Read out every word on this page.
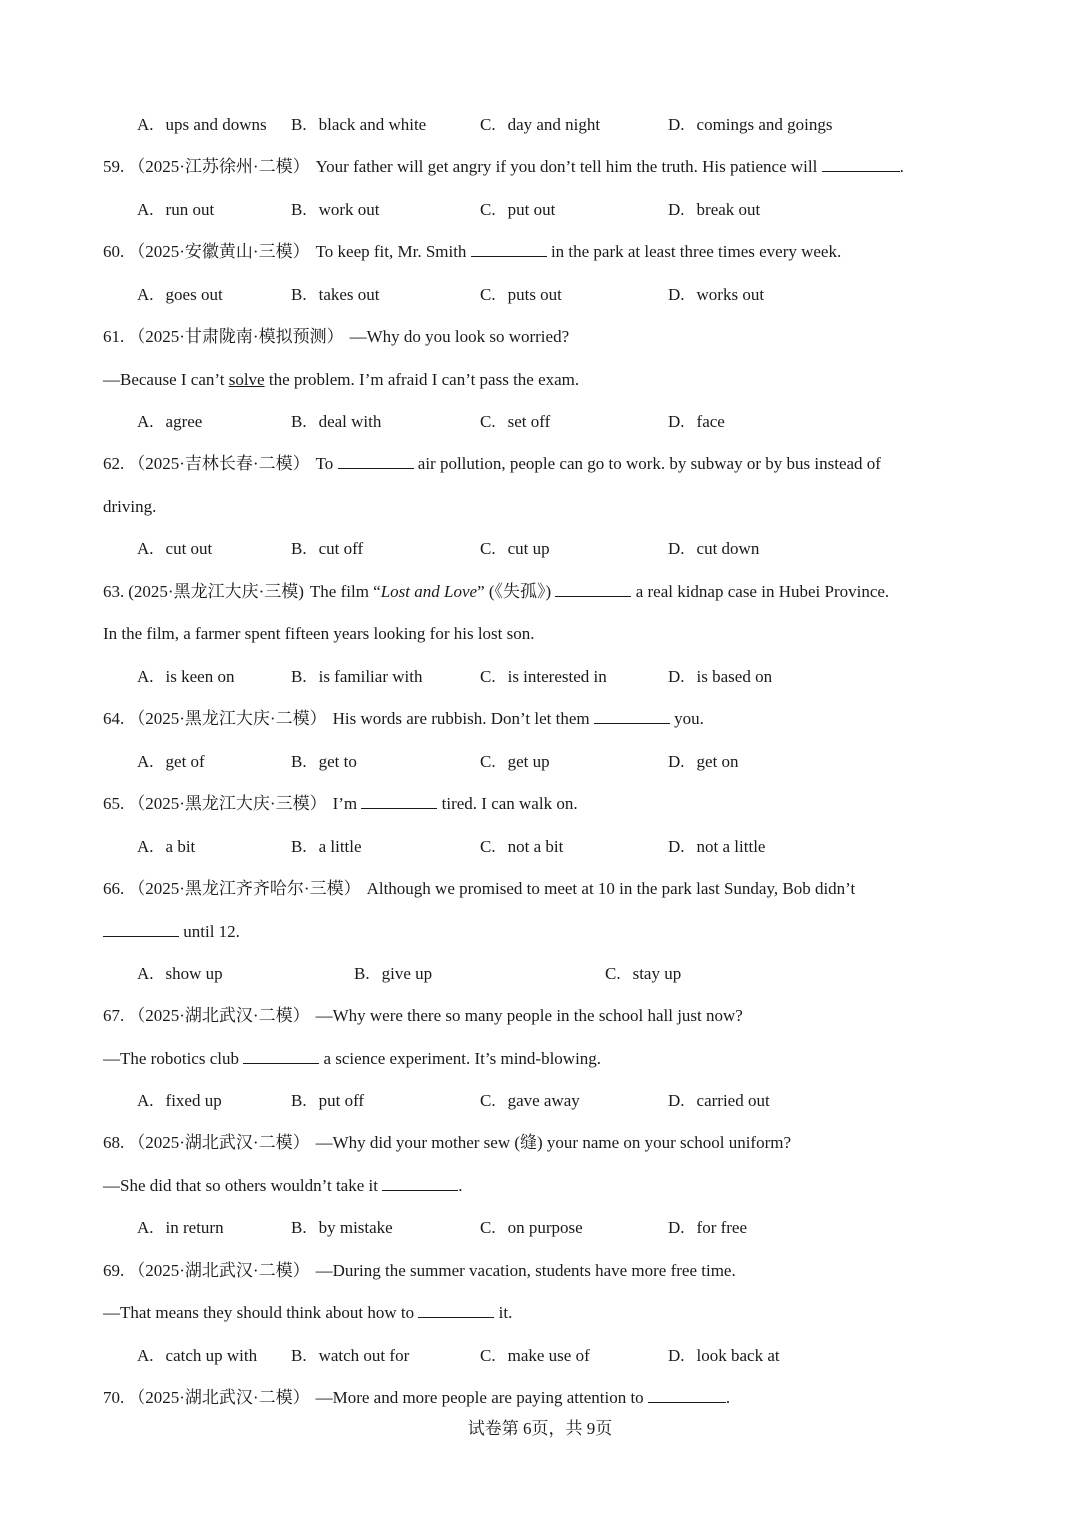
A. ups and downs B. black and white	C. day and night	D. comings and goings
59. （2025·江苏徐州·二模） Your father will get angry if you don’t tell him the truth. His patience will	.
A. run out	B. work out	C. put out	D. break out
60. （2025·安徽黄山·三模） To keep fit, Mr. Smith	in the park at least three times every week.
A. goes out	B. takes out	C. puts out	D. works out
61. （2025·甘肃陇南·模拟预测） —Why do you look so worried?
—Because I can’t solve the problem. I’m afraid I can’t pass the exam.
A. agree	B. deal with	C. set off	D. face
62. （2025·吉林长春·二模） To	air pollution, people can go to work. by subway or by bus instead of
driving.
A. cut out	B. cut off	C. cut up	D. cut down
63. (2025·黑龙江大庆·三模) The film “Lost and Love” (《失孤》)	a real kidnap case in Hubei Province.
In the film, a farmer spent fifteen years looking for his lost son.
A. is keen on	B. is familiar with	C. is interested in	D. is based on
64. （2025·黑龙江大庆·二模） His words are rubbish. Don’t let them	you.
A. get of	B. get to	C. get up	D. get on
65. （2025·黑龙江大庆·三模） I’m	tired. I can walk on.
A. a bit	B. a little	C. not a bit	D. not a little
66. （2025·黑龙江齐齐哈尔·三模） Although we promised to meet at 10 in the park last Sunday, Bob didn’t
until 12.
A. show up	B. give up	C. stay up
67. （2025·湖北武汉·二模） —Why were there so many people in the school hall just now?
—The robotics club	a science experiment. It’s mind-blowing.
A. fixed up	B. put off	C. gave away	D. carried out
68. （2025·湖北武汉·二模） —Why did your mother sew (缝) your name on your school uniform?
—She did that so others wouldn’t take it	.
A. in return	B. by mistake	C. on purpose	D. for free
69. （2025·湖北武汉·二模） —During the summer vacation, students have more free time.
—That means they should think about how to	it.
A. catch up with B. watch out for	C. make use of	D. look back at
70. （2025·湖北武汉·二模） —More and more people are paying attention to	.
试卷第 6页，共 9页
